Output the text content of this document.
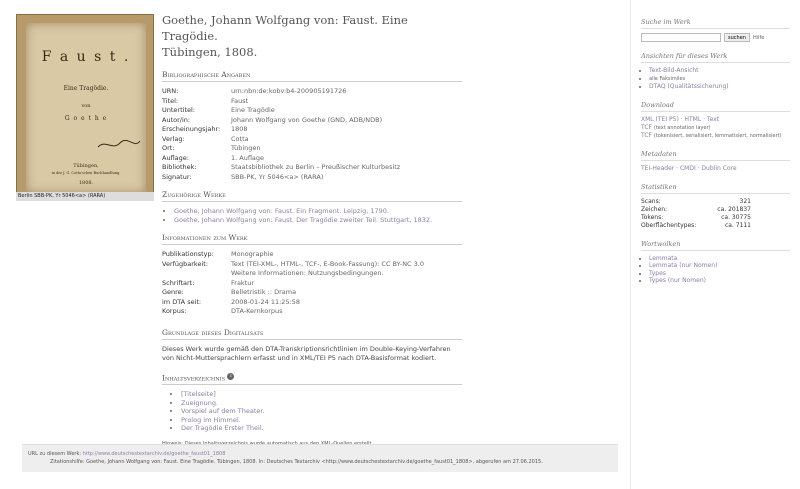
F a u s t .
Eine Tragödie.
von
G o e t h e
Tübingen,
in der J. G. Cotta'schen Buchhandlung.
1808.
Berlin SBB-PK, Yr 5046<a> (RARA)
Goethe, Johann Wolfgang von: Faust. Eine Tragödie.
Tübingen, 1808.
Bibliographische Angaben
URN:	urn:nbn:de:kobv:b4-200905191726
Titel:	Faust
Untertitel:	Eine Tragödie
Autor/in:	Johann Wolfgang von Goethe (GND, ADB/NDB)
Erscheinungsjahr:	1808
Verlag:	Cotta
Ort:	Tübingen
Auflage:	1. Auflage
Bibliothek:	Staatsbibliothek zu Berlin – Preußischer Kulturbesitz
Signatur:	SBB-PK, Yr 5046<a> (RARA)
Zugehörige Werke
• Goethe, Johann Wolfgang von: Faust. Ein Fragment. Leipzig, 1790.
• Goethe, Johann Wolfgang von: Faust. Der Tragödie zweiter Teil. Stuttgart, 1832.
Informationen zum Werk
Publikationstyp:	Monographie
Verfügbarkeit:	Text (TEI-XML-, HTML-, TCF-, E-Book-Fassung): CC BY-NC 3.0
Weitere Informationen: Nutzungsbedingungen.
Schriftart:	Fraktur
Genre:	Belletristik :: Drama
im DTA seit:	2008-01-24 11:25:58
Korpus:	DTA-Kernkorpus
Grundlage dieses Digitalisats
Dieses Werk wurde gemäß den DTA-Transkriptionsrichtlinien im Double-Keying-Verfahren
von Nicht-Muttersprachlern erfasst und in XML/TEI P5 nach DTA-Basisformat kodiert.
Inhaltsverzeichnis i
• [Titelseite]
• Zueignung.
• Vorspiel auf dem Theater.
• Prolog im Himmel.
• Der Tragödie Erster Theil.
URL zu diesem Werk: http://www.deutschestextarchiv.de/goethe_faust01_1808
Zitationshilfe: Goethe, Johann Wolfgang von: Faust. Eine Tragödie. Tübingen, 1808. In: Deutsches Textarchiv <http://www.deutschestextarchiv.de/goethe_faust01_1808>, abgerufen am 27.06.2015.
Suche im Werk
suchen	Hilfe
Ansichten für dieses Werk
• Text-Bild-Ansicht
• alle Faksimiles
• DTAQ (Qualitätssicherung)
Download
XML (TEI P5) · HTML · Text
TCF (text annotation layer)
TCF (tokenisiert, serialisiert, lemmatisiert, normalisiert)
Metadaten
TEI-Header · CMDI · Dublin Core
Statistiken
Scans:	321
Zeichen:	ca. 201837
Tokens:	ca. 30775
Oberflächentypes:	ca. 7111
Wortwolken
• Lemmata
• Lemmata (nur Nomen)
• Types
• Types (nur Nomen)
